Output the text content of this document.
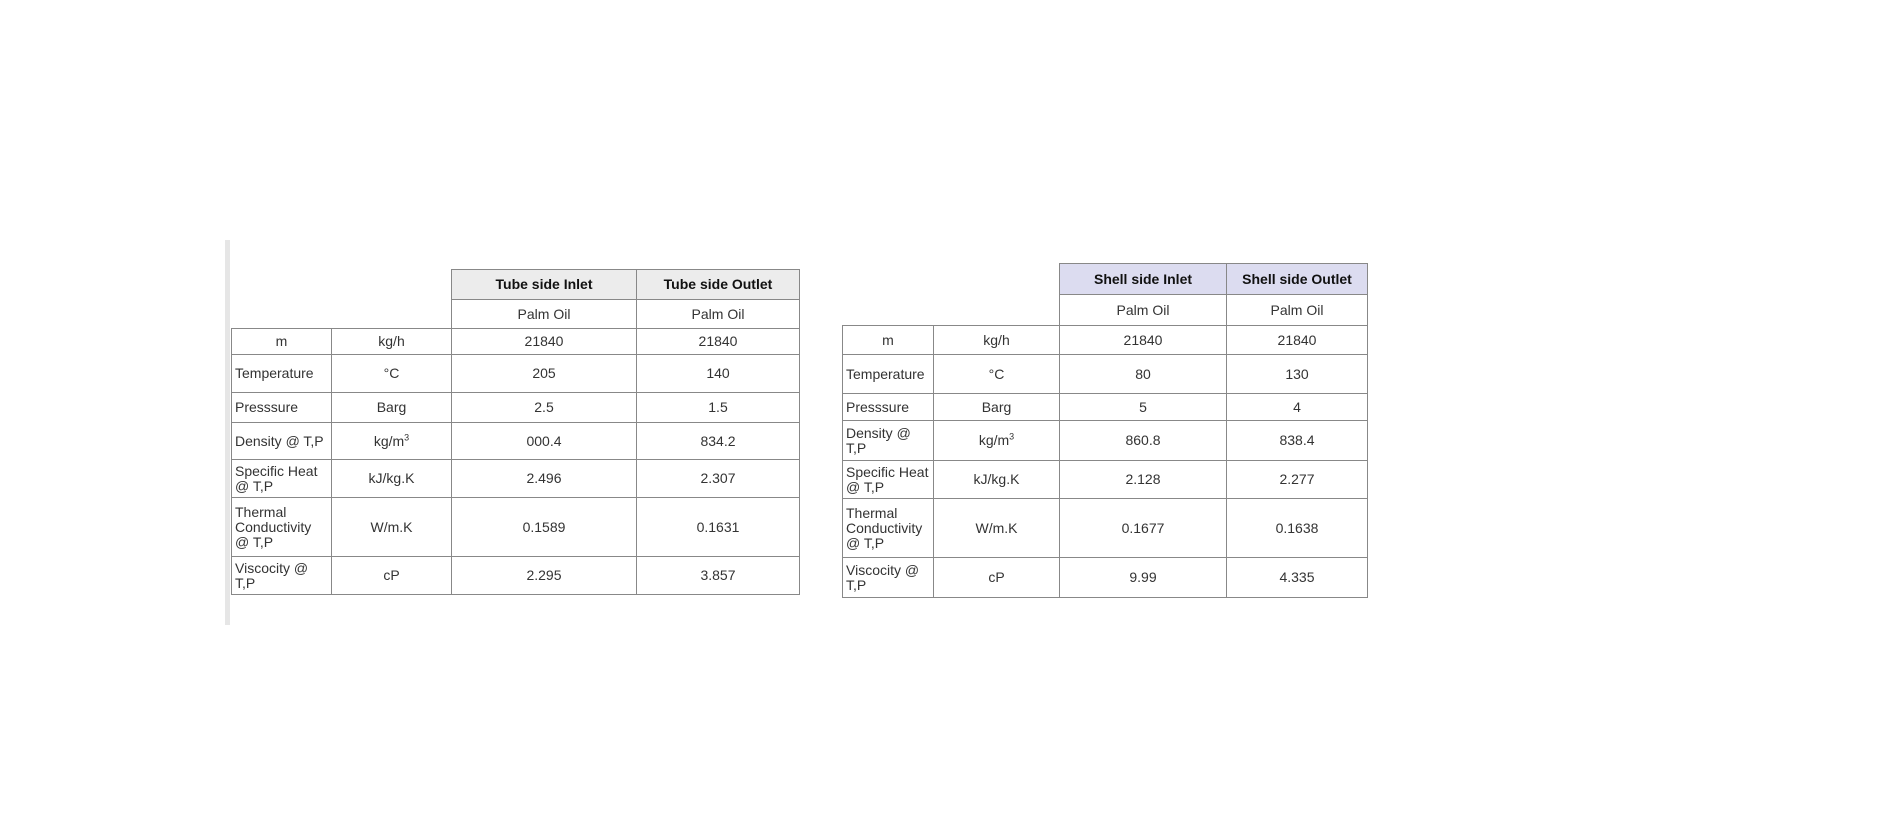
		Tube side Inlet	Tube side Outlet
		Palm Oil	Palm Oil
m	kg/h	21840	21840
Temperature	°C	205	140
Presssure	Barg	2.5	1.5
Density @ T,P	$kg/m^3$	000.4	834.2
Specific Heat @ T,P	kJ/kg.K	2.496	2.307
Thermal Conductivity @ T,P	W/m.K	0.1589	0.1631
Viscocity @ T,P	cP	2.295	3.857
		Shell side Inlet	Shell side Outlet
		Palm Oil	Palm Oil
m	kg/h	21840	21840
Temperature	°C	80	130
Presssure	Barg	5	4
Density @ T,P	$kg/m^3$	860.8	838.4
Specific Heat @ T,P	kJ/kg.K	2.128	2.277
Thermal Conductivity @ T,P	W/m.K	0.1677	0.1638
Viscocity @ T,P	cP	9.99	4.335
